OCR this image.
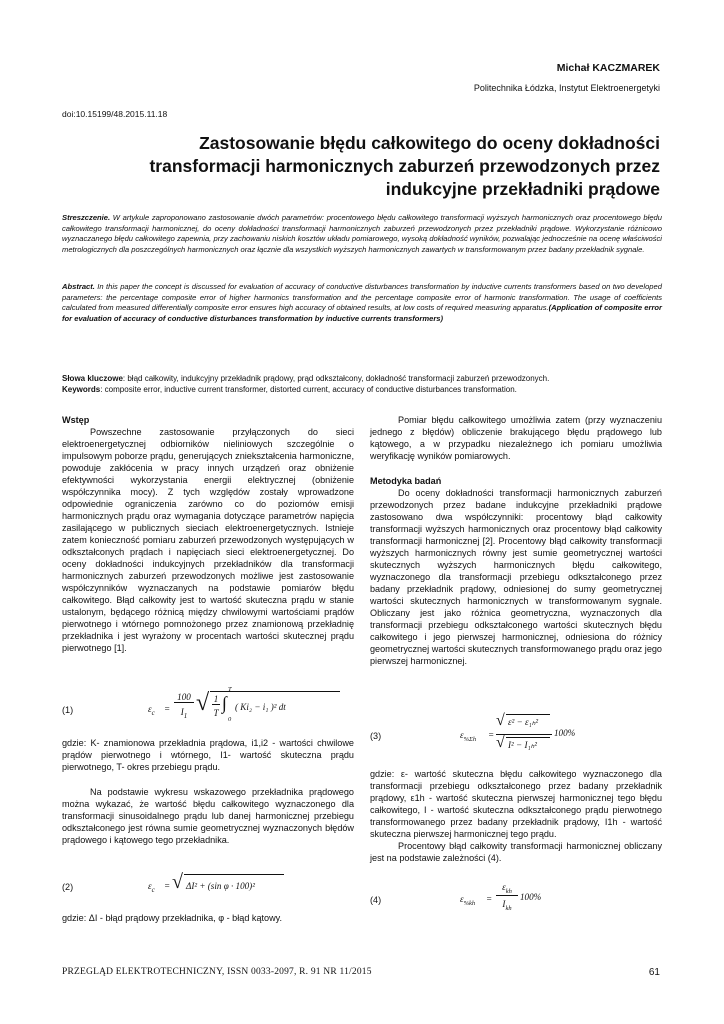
Michał KACZMAREK
Politechnika Łódzka, Instytut Elektroenergetyki
doi:10.15199/48.2015.11.18
Zastosowanie błędu całkowitego do oceny dokładności transformacji harmonicznych zaburzeń przewodzonych przez indukcyjne przekładniki prądowe
Streszczenie. W artykule zaproponowano zastosowanie dwóch parametrów: procentowego błędu całkowitego transformacji wyższych harmonicznych oraz procentowego błędu całkowitego transformacji harmonicznej, do oceny dokładności transformacji harmonicznych zaburzeń przewodzonych przez przekładniki prądowe. Wykorzystanie różnicowo wyznaczanego błędu całkowitego zapewnia, przy zachowaniu niskich kosztów układu pomiarowego, wysoką dokładność wyników, pozwalając jednocześnie na ocenę właściwości metrologicznych dla poszczególnych harmonicznych oraz łącznie dla wszystkich wyższych harmonicznych zawartych w transformowanym przez badany przekładnik sygnale.
Abstract. In this paper the concept is discussed for evaluation of accuracy of conductive disturbances transformation by inductive currents transformers based on two developed parameters: the percentage composite error of higher harmonics transformation and the percentage composite error of harmonic transformation. The usage of coefficients calculated from measured differentially composite error ensures high accuracy of obtained results, at low costs of required measuring apparatus.(Application of composite error for evaluation of accuracy of conductive disturbances transformation by inductive currents transformers)
Słowa kluczowe: błąd całkowity, indukcyjny przekładnik prądowy, prąd odkształcony, dokładność transformacji zaburzeń przewodzonych.
Keywords: composite error, inductive current transformer, distorted current, accuracy of conductive disturbances transformation.
Wstęp

Powszechne zastosowanie przyłączonych do sieci elektroenergetycznej odbiorników nieliniowych szczególnie o impulsowym poborze prądu, generujących zniekształcenia harmoniczne, powoduje zakłócenia w pracy innych urządzeń oraz obniżenie efektywności wykorzystania energii elektrycznej (obniżenie współczynnika mocy). Z tych względów zostały wprowadzone odpowiednie ograniczenia zarówno co do poziomów emisji harmonicznych prądu oraz wymagania dotyczące parametrów napięcia zasilającego w publicznych sieciach elektroenergetycznych. Istnieje zatem konieczność pomiaru zaburzeń przewodzonych występujących w odkształconych prądach i napięciach sieci elektroenergetycznej. Do oceny dokładności indukcyjnych przekładników dla transformacji harmonicznych zaburzeń przewodzonych możliwe jest zastosowanie współczynników wyznaczanych na podstawie pomiarów błędu całkowitego. Błąd całkowity jest to wartość skuteczna prądu w stanie ustalonym, będącego różnicą między chwilowymi wartościami prądów pierwotnego i wtórnego pomnożonego przez znamionową przekładnię przekładnika i jest wyrażony w procentach wartości skutecznej prądu pierwotnego [1].

(1)	$\varepsilon_c$ =
100
$I_1$ √ 1
T ∫
T
0
( Ki₂ − i₁ )² dt

gdzie: K- znamionowa przekładnia prądowa, i1,i2 - wartości chwilowe prądów pierwotnego i wtórnego, I1- wartość skuteczna prądu pierwotnego, T- okres przebiegu prądu.

Na podstawie wykresu wskazowego przekładnika prądowego można wykazać, że wartość błędu całkowitego wyznaczonego dla transformacji sinusoidalnego prądu lub danej harmonicznej przebiegu odkształconego jest równa sumie geometrycznej wyznaczonych błędów prądowego i kątowego tego przekładnika.

(2)	$\varepsilon_c$ = √ ΔI² + (sin φ · 100)²

gdzie: ΔI - błąd prądowy przekładnika, φ - błąd kątowy.

Pomiar błędu całkowitego umożliwia zatem (przy wyznaczeniu jednego z błędów) obliczenie brakującego błędu prądowego lub kątowego, a w przypadku niezależnego ich pomiaru umożliwia weryfikację wyników pomiarowych.

Metodyka badań

Do oceny dokładności transformacji harmonicznych zaburzeń przewodzonych przez badane indukcyjne przekładniki prądowe zastosowano dwa współczynniki: procentowy błąd całkowity transformacji wyższych harmonicznych oraz procentowy błąd całkowity transformacji harmonicznej [2]. Procentowy błąd całkowity transformacji wyższych harmonicznych równy jest sumie geometrycznej wartości skutecznych wyższych harmonicznych błędu całkowitego, wyznaczonego dla transformacji przebiegu odkształconego przez badany przekładnik prądowy, odniesionej do sumy geometrycznej wartości skutecznych harmonicznych w transformowanym sygnale. Obliczany jest jako różnica geometryczna, wyznaczonych dla transformacji przebiegu odkształconego wartości skutecznych błędu całkowitego i jego pierwszej harmonicznej, odniesiona do różnicy geometrycznej wartości skutecznych transformowanego prądu oraz jego pierwszej harmonicznej.

(3)	$\varepsilon_{\%\Sigma h}$ =
√ ε² − ε₁ₕ²
√ I² − I₁ₕ²
100%

gdzie: ε- wartość skuteczna błędu całkowitego wyznaczonego dla transformacji przebiegu odkształconego przez badany przekładnik prądowy, ε1h - wartość skuteczna pierwszej harmonicznej tego błędu całkowitego, I - wartość skuteczna odkształconego prądu pierwotnego transformowanego przez badany przekładnik prądowy, I1h - wartość skuteczna pierwszej harmonicznej tego prądu.

Procentowy błąd całkowity transformacji harmonicznej obliczany jest na podstawie zależności (4).

(4)	$\varepsilon_{\%kh}$ =
$\varepsilon_{kh}$
$I_{kh}$
100%
PRZEGLĄD ELEKTROTECHNICZNY, ISSN 0033-2097, R. 91 NR 11/2015	61
